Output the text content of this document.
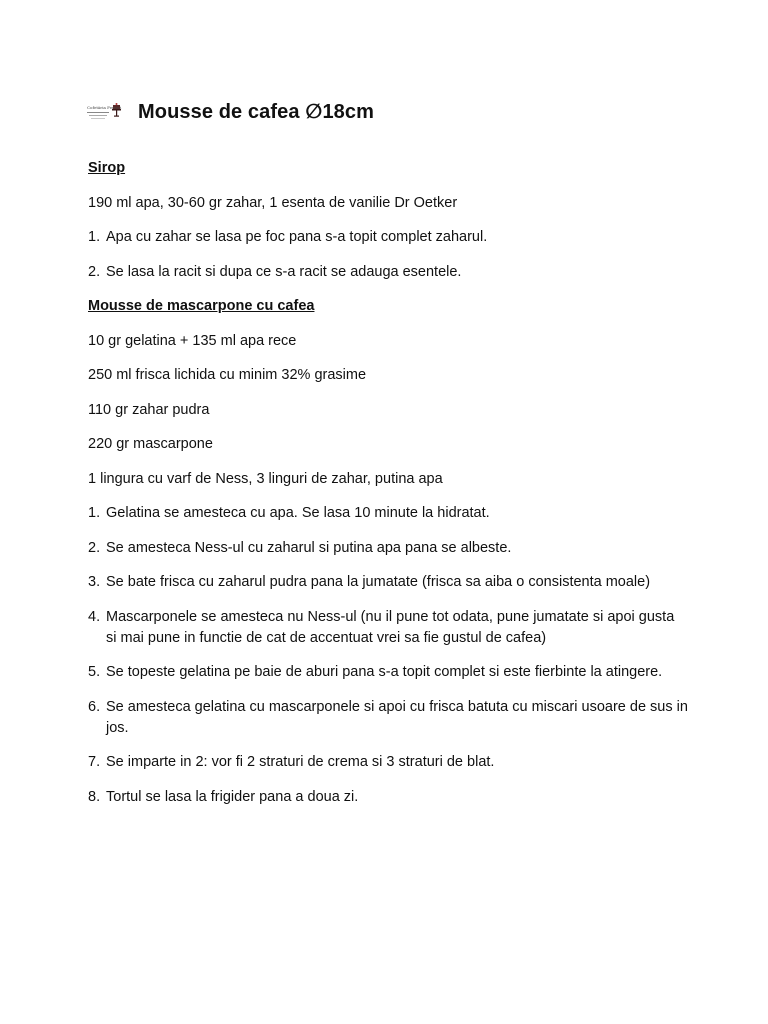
Cofetăria Ferreri Mousse de cafea ∅18cm
Sirop
190 ml apa, 30-60 gr zahar, 1 esenta de vanilie Dr Oetker
1. Apa cu zahar se lasa pe foc pana s-a topit complet zaharul.
2. Se lasa la racit si dupa ce s-a racit se adauga esentele.
Mousse de mascarpone cu cafea
10 gr gelatina + 135 ml apa rece
250 ml frisca lichida cu minim 32% grasime
110 gr zahar pudra
220 gr mascarpone
1 lingura cu varf de Ness, 3 linguri de zahar, putina apa
1. Gelatina se amesteca cu apa. Se lasa 10 minute la hidratat.
2. Se amesteca Ness-ul cu zaharul si putina apa pana se albeste.
3. Se bate frisca cu zaharul pudra pana la jumatate (frisca sa aiba o consistenta moale)
4. Mascarponele se amesteca nu Ness-ul (nu il pune tot odata, pune jumatate si apoi gusta si mai pune in functie de cat de accentuat vrei sa fie gustul de cafea)
5. Se topeste gelatina pe baie de aburi pana s-a topit complet si este fierbinte la atingere.
6. Se amesteca gelatina cu mascarponele si apoi cu frisca batuta cu miscari usoare de sus in jos.
7. Se imparte in 2: vor fi 2 straturi de crema si 3 straturi de blat.
8. Tortul se lasa la frigider pana a doua zi.
